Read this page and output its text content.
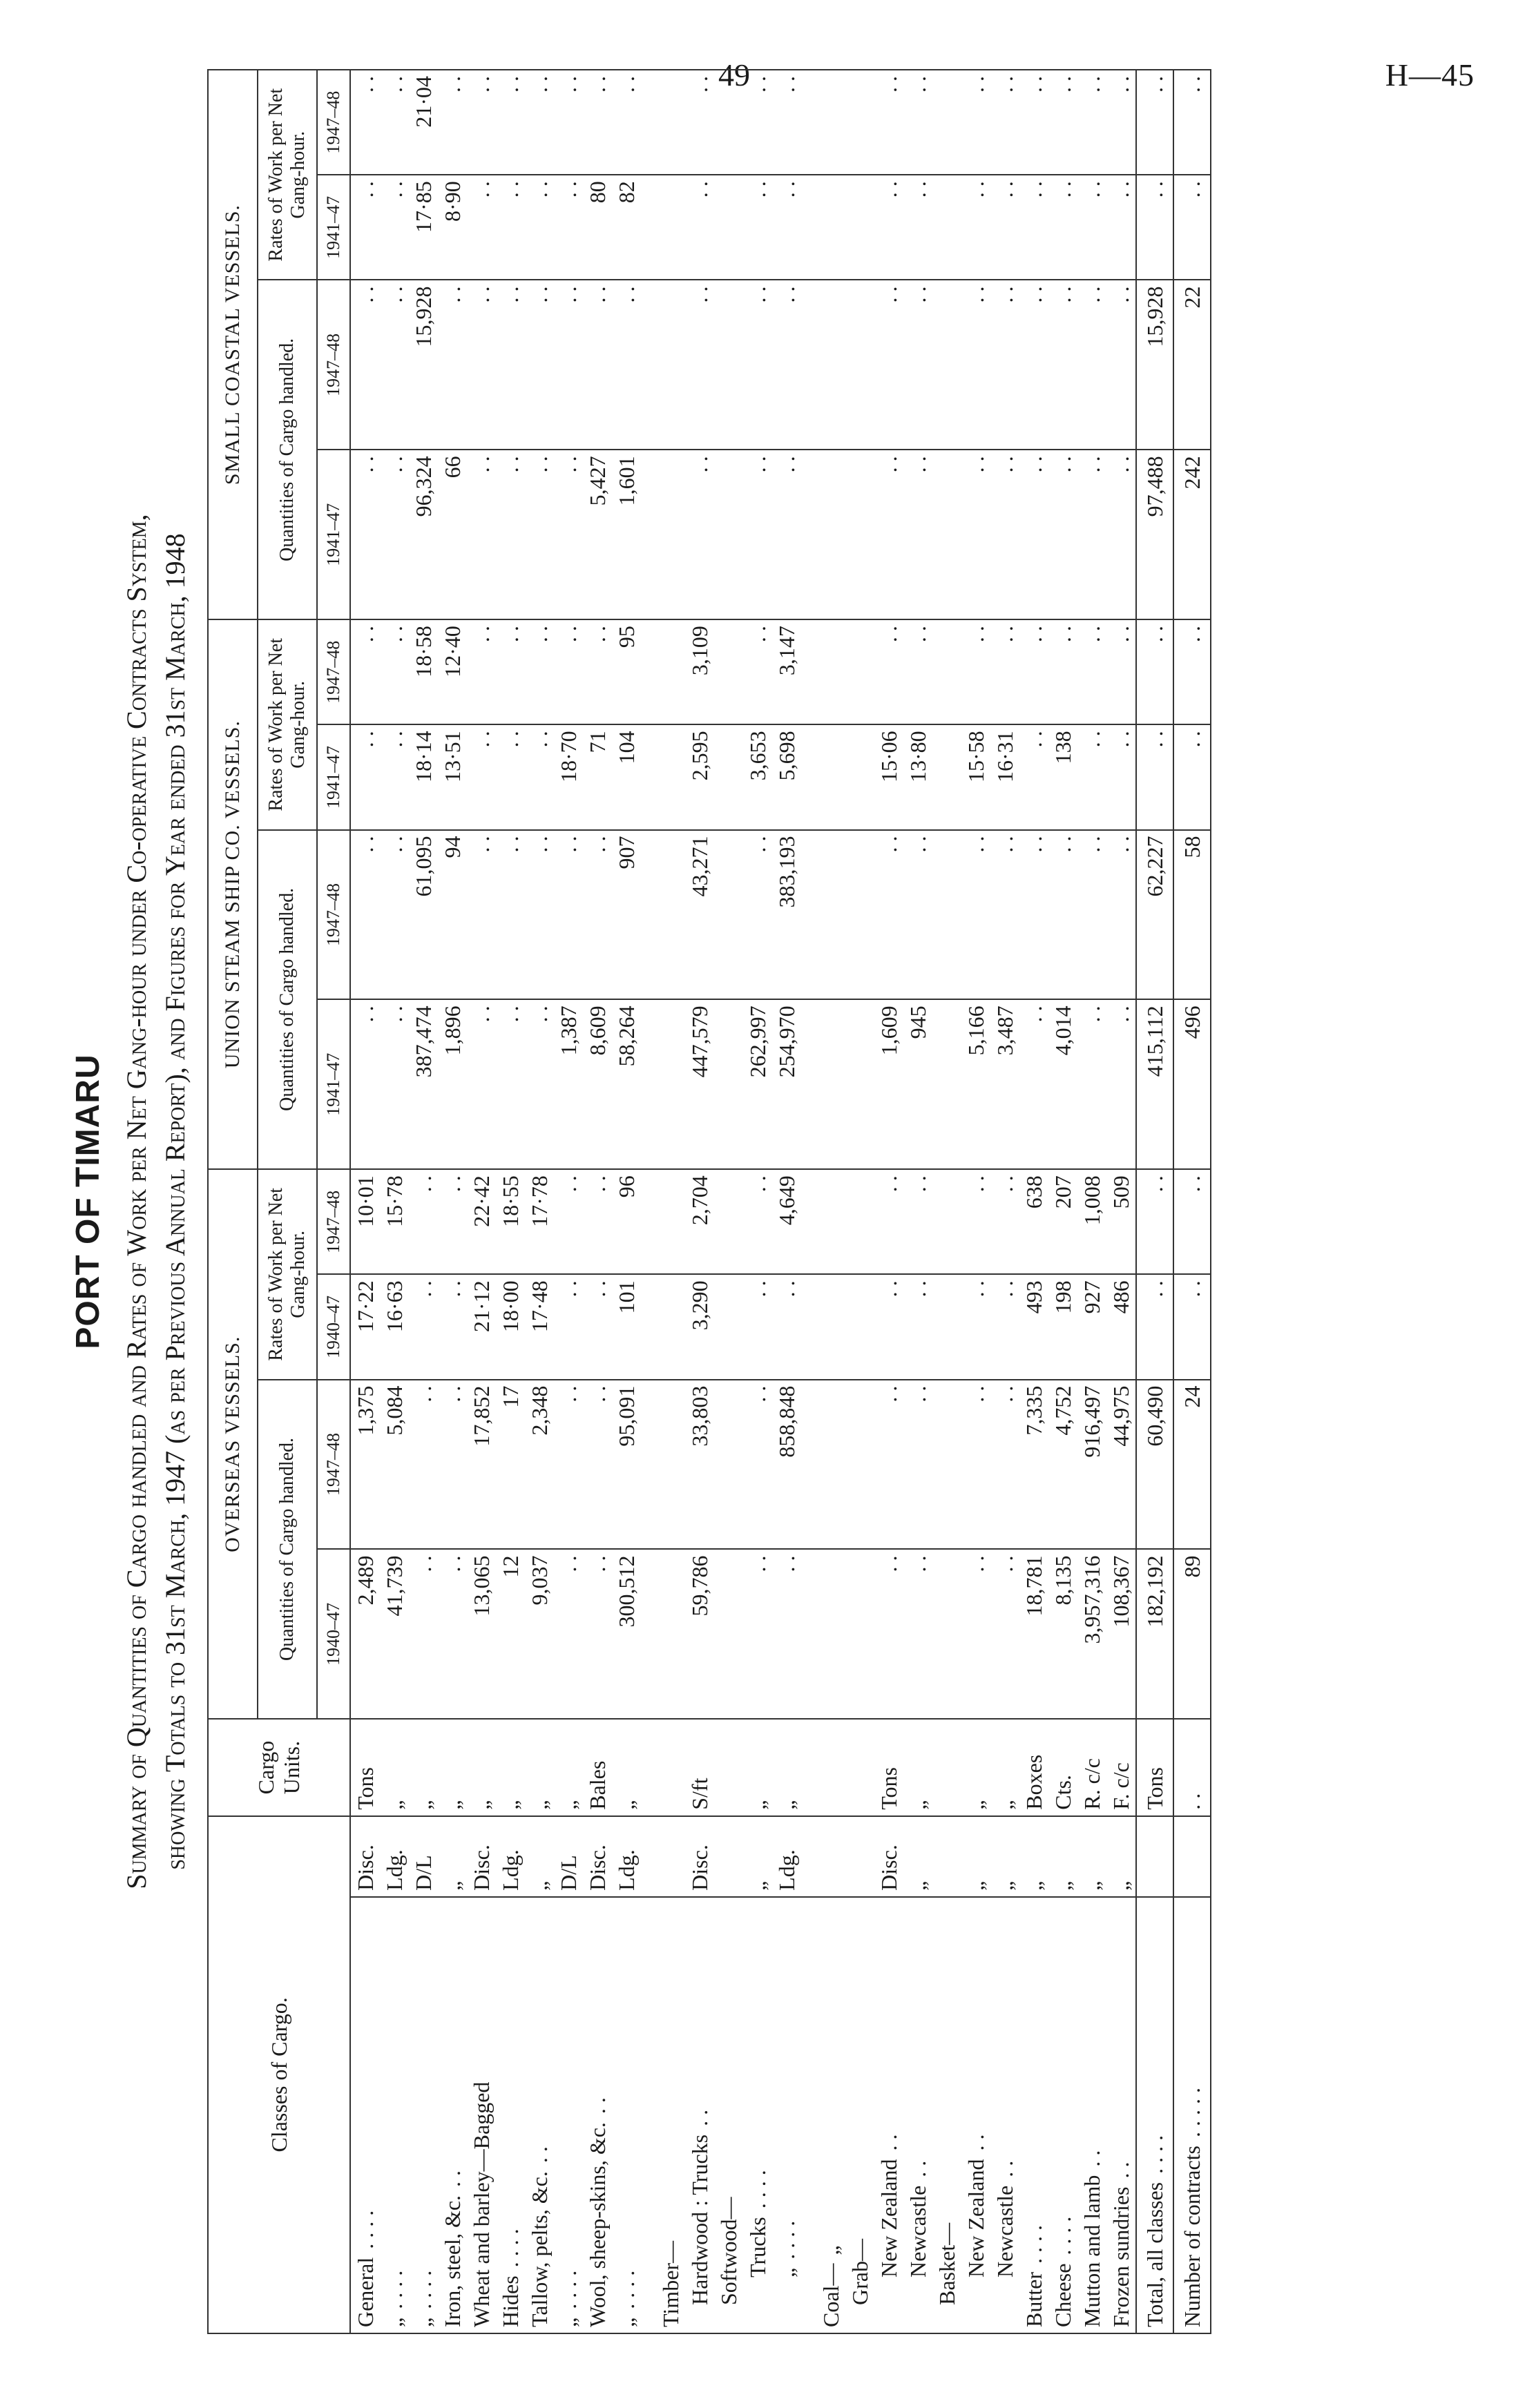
49	H—45
PORT OF TIMARU Summary of Quantities of Cargo handled and Rates of Work per Net Gang-hour under Co-operative Contracts System, showing Totals to 31st March, 1947 (as per Previous Annual Report), and Figures for Year ended 31st March, 1948
Classes of Cargo.		Cargo Units.	OVERSEAS VESSELS.				UNION STEAM SHIP CO. VESSELS.				SMALL COASTAL VESSELS.			
			Quantities of Cargo handled.		Rates of Work per Net Gang-hour.		Quantities of Cargo handled.		Rates of Work per Net Gang-hour.		Quantities of Cargo handled.		Rates of Work per Net Gang-hour.	
			1940–47	1947–48	1940–47	1947–48	1941–47	1947–48	1941–47	1947–48	1941–47	1947–48	1941–47	1947–48
General. . . .	Disc.	Tons	2,489	1,375	17·22	10·01	. .	. .	. .	. .	. .	. .	. .	. .
„. . . .	Ldg.	„	41,739	5,084	16·63	15·78	. .	. .	. .	. .	. .	. .	. .	. .
„. . . .	D/L	„	. .	. .	. .	. .	387,474	61,095	18·14	18·58	96,324	15,928	17·85	21·04
Iron, steel, &c.. .	„	„	. .	. .	. .	. .	1,896	94	13·51	12·40	66	. .	8·90	. .
Wheat and barley—Bagged	Disc.	„	13,065	17,852	21·12	22·42	. .	. .	. .	. .	. .	. .	. .	. .
Hides. . . .	Ldg.	„	12	17	18·00	18·55	. .	. .	. .	. .	. .	. .	. .	. .
Tallow, pelts, &c.. .	„	„	9,037	2,348	17·48	17·78	. .	. .	. .	. .	. .	. .	. .	. .
„. . . .	D/L	„	. .	. .	. .	. .	1,387	. .	18·70	. .	. .	. .	. .	. .
Wool, sheep-skins, &c.. .	Disc.	Bales	. .	. .	. .	. .	8,609	. .	71	. .	5,427	. .	80	. .
„. . . .	Ldg.	„	300,512	95,091	101	96	58,264	907	104	95	1,601	. .	82	. .

Timber—														
Hardwood : Trucks. .	Disc.	S/ft	59,786	33,803	3,290	2,704	447,579	43,271	2,595	3,109	. .	. .	. .	. .
Softwood—														
Trucks. . . .	„	„	. .	. .	. .	. .	262,997	. .	3,653	. .	. .	. .	. .	. .
„. . . .	Ldg.	„	. .	858,848	. .	4,649	254,970	383,193	5,698	3,147	. .	. .	. .	. .

Coal—„														
Grab—														
New Zealand. .	Disc.	Tons	. .	. .	. .	. .	1,609	. .	15·06	. .	. .	. .	. .	. .
Newcastle. .	„	„	. .	. .	. .	. .	945	. .	13·80	. .	. .	. .	. .	. .
Basket—														
New Zealand. .	„	„	. .	. .	. .	. .	5,166	. .	15·58	. .	. .	. .	. .	. .
Newcastle. .	„	„	. .	. .	. .	. .	3,487	. .	16·31	. .	. .	. .	. .	. .
Butter. . . .	„	Boxes	18,781	7,335	493	638	. .	. .	. .	. .	. .	. .	. .	. .
Cheese. . . .	„	Cts.	8,135	4,752	198	207	4,014	. .	138	. .	. .	. .	. .	. .
Mutton and lamb. .	„	R. c/c	3,957,316	916,497	927	1,008	. .	. .	. .	. .	. .	. .	. .	. .
Frozen sundries. .	„	F. c/c	108,367	44,975	486	509	. .	. .	. .	. .	. .	. .	. .	. .
Total, all classes. . . .		Tons	182,192	60,490	. .	. .	415,112	62,227	. .	. .	97,488	15,928	. .	. .
Number of contracts. . . . .		. .	89	24	. .	. .	496	58	. .	. .	242	22	. .	. .
